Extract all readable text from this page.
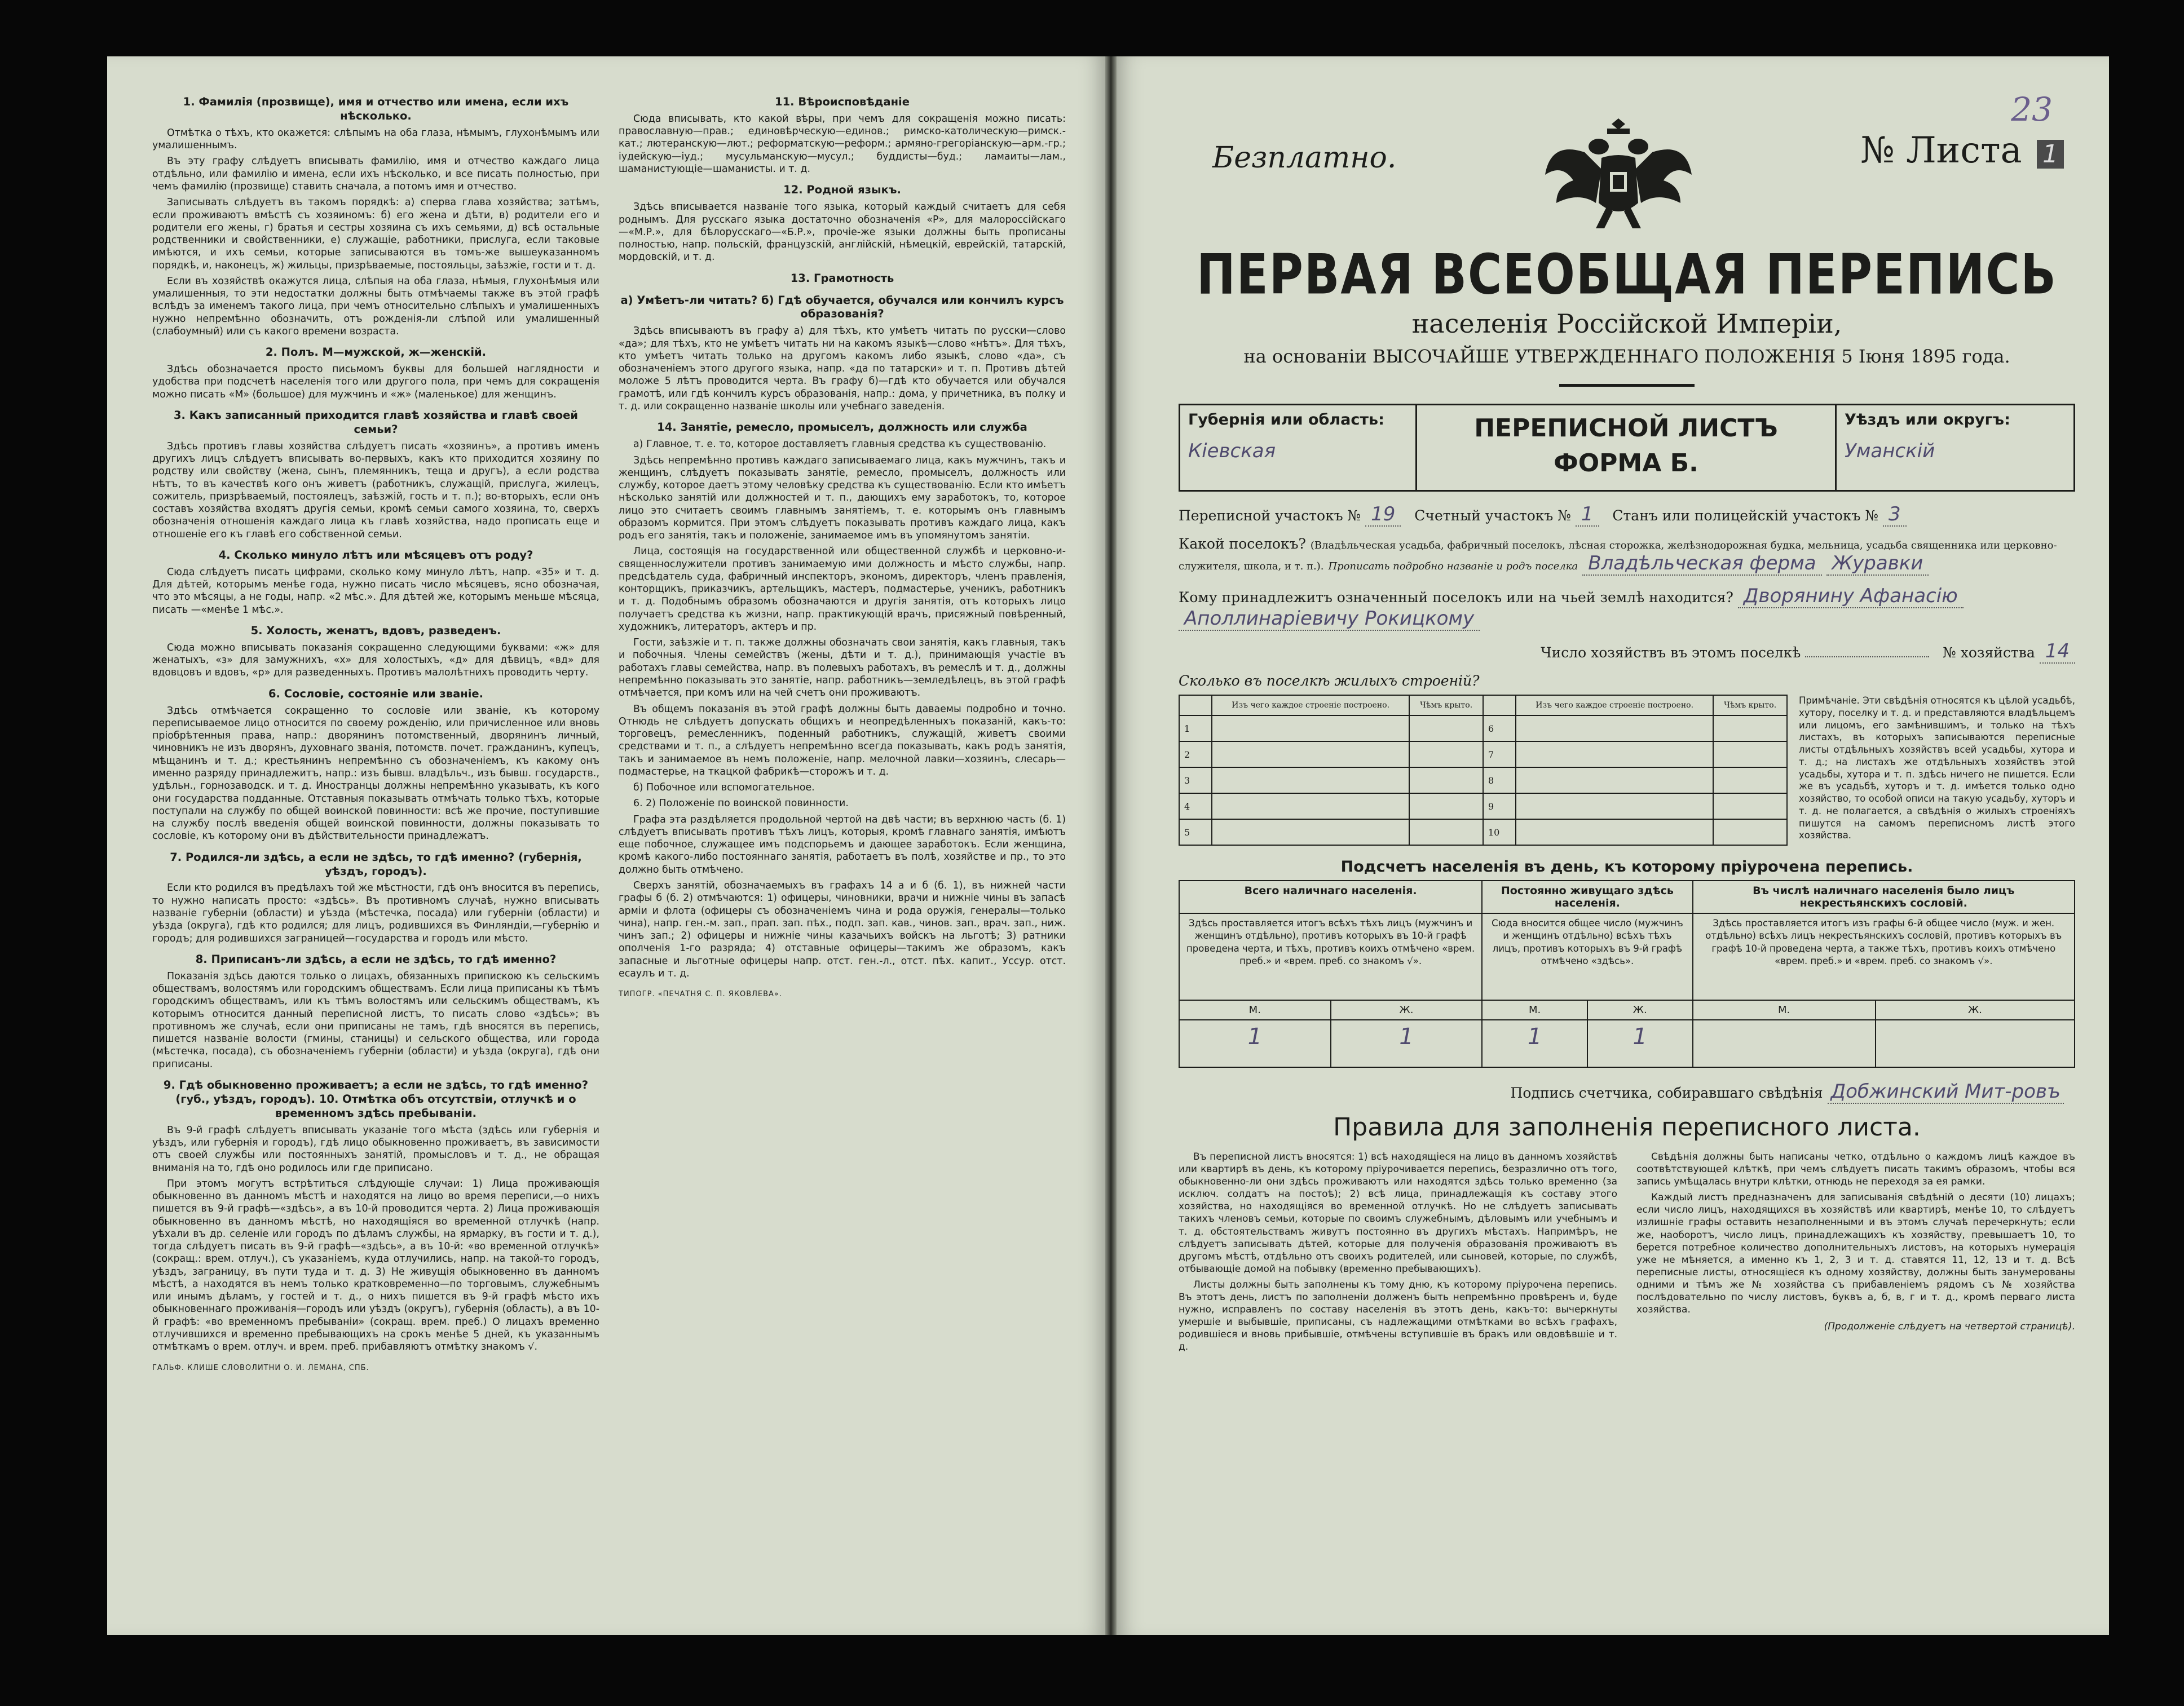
1. Фамилія (прозвище), имя и отчество или имена, если ихъ нѣсколько.

Отмѣтка о тѣхъ, кто окажется: слѣпымъ на оба глаза, нѣмымъ, глухонѣмымъ или умалишеннымъ.

Въ эту графу слѣдуетъ вписывать фамилію, имя и отчество каждаго лица отдѣльно, или фамилію и имена, если ихъ нѣсколько, и все писать полностью, при чемъ фамилію (прозвище) ставить сначала, а потомъ имя и отчество.

Записывать слѣдуетъ въ такомъ порядкѣ: а) сперва глава хозяйства; затѣмъ, если проживаютъ вмѣстѣ съ хозяиномъ: б) его жена и дѣти, в) родители его и родители его жены, г) братья и сестры хозяина съ ихъ семьями, д) всѣ остальные родственники и свойственники, е) служащіе, работники, прислуга, если таковые имѣются, и ихъ семьи, которые записываются въ томъ-же вышеуказанномъ порядкѣ, и, наконецъ, ж) жильцы, призрѣваемые, постояльцы, заѣзжіе, гости и т. д.

Если въ хозяйствѣ окажутся лица, слѣпыя на оба глаза, нѣмыя, глухонѣмыя или умалишенныя, то эти недостатки должны быть отмѣчаемы также въ этой графѣ вслѣдъ за именемъ такого лица, при чемъ относительно слѣпыхъ и умалишенныхъ нужно непремѣнно обозначить, отъ рожденія-ли слѣпой или умалишенный (слабоумный) или съ какого времени возраста.

2. Полъ. М—мужской, ж—женскій.

Здѣсь обозначается просто письмомъ буквы для большей наглядности и удобства при подсчетѣ населенія того или другого пола, при чемъ для сокращенія можно писать «М» (большое) для мужчинъ и «ж» (маленькое) для женщинъ.

3. Какъ записанный приходится главѣ хозяйства и главѣ своей семьи?

Здѣсь противъ главы хозяйства слѣдуетъ писать «хозяинъ», а противъ именъ другихъ лицъ слѣдуетъ вписывать во-первыхъ, какъ кто приходится хозяину по родству или свойству (жена, сынъ, племянникъ, теща и другъ), а если родства нѣтъ, то въ качествѣ кого онъ живетъ (работникъ, служащій, прислуга, жилецъ, сожитель, призрѣваемый, постоялецъ, заѣзжій, гость и т. п.); во-вторыхъ, если онъ составъ хозяйства входятъ другія семьи, кромѣ семьи самого хозяина, то, сверхъ обозначенія отношенія каждаго лица къ главѣ хозяйства, надо прописать еще и отношеніе его къ главѣ его собственной семьи.

4. Сколько минуло лѣтъ или мѣсяцевъ отъ роду?

Сюда слѣдуетъ писать цифрами, сколько кому минуло лѣтъ, напр. «35» и т. д. Для дѣтей, которымъ менѣе года, нужно писать число мѣсяцевъ, ясно обозначая, что это мѣсяцы, а не годы, напр. «2 мѣс.». Для дѣтей же, которымъ меньше мѣсяца, писать —«менѣе 1 мѣс.».

5. Холость, женатъ, вдовъ, разведенъ.

Сюда можно вписывать показанія сокращенно следующими буквами: «ж» для женатыхъ, «з» для замужнихъ, «х» для холостыхъ, «д» для дѣвицъ, «вд» для вдовцовъ и вдовъ, «р» для разведенныхъ. Противъ малолѣтнихъ проводить черту.

6. Сословіе, состояніе или званіе.

Здѣсь отмѣчается сокращенно то сословіе или званіе, къ которому переписываемое лицо относится по своему рожденію, или причисленное или вновь пріобрѣтенныя права, напр.: дворянинъ потомственный, дворянинъ личный, чиновникъ не изъ дворянъ, духовнаго званія, потомств. почет. гражданинъ, купецъ, мѣщанинъ и т. д.; крестьянинъ непремѣнно съ обозначеніемъ, къ какому онъ именно разряду принадлежитъ, напр.: изъ бывш. владѣльч., изъ бывш. государств., удѣльн., горнозаводск. и т. д. Иностранцы должны непремѣнно указывать, къ кого они государства подданные. Отставныя показывать отмѣчать только тѣхъ, которые поступали на службу по общей воинской повинности: всѣ же прочие, поступившие на службу послѣ введенія общей воинской повинности, должны показывать то сословіе, къ которому они въ дѣйствительности принадлежатъ.

7. Родился-ли здѣсь, а если не здѣсь, то гдѣ именно? (губернія, уѣздъ, городъ).

Если кто родился въ предѣлахъ той же мѣстности, гдѣ онъ вносится въ перепись, то нужно написать просто: «здѣсь». Въ противномъ случаѣ, нужно вписывать названіе губерніи (области) и уѣзда (мѣстечка, посада) или губерніи (области) и уѣзда (округа), гдѣ кто родился; для лицъ, родившихся въ Финляндіи,—губернію и городъ; для родившихся заграницей—государства и городъ или мѣсто.

8. Приписанъ-ли здѣсь, а если не здѣсь, то гдѣ именно?

Показанія здѣсь даются только о лицахъ, обязанныхъ припискою къ сельскимъ обществамъ, волостямъ или городскимъ обществамъ. Если лица приписаны къ тѣмъ городскимъ обществамъ, или къ тѣмъ волостямъ или сельскимъ обществамъ, къ которымъ относится данный переписной листъ, то писать слово «здѣсь»; въ противномъ же случаѣ, если они приписаны не тамъ, гдѣ вносятся въ перепись, пишется названіе волости (гмины, станицы) и сельского общества, или города (мѣстечка, посада), съ обозначеніемъ губерніи (области) и уѣзда (округа), гдѣ они приписаны.

9. Гдѣ обыкновенно проживаетъ; а если не здѣсь, то гдѣ именно? (губ., уѣздъ, городъ). 10. Отмѣтка объ отсутствіи, отлучкѣ и о временномъ здѣсь пребываніи.

Въ 9-й графѣ слѣдуетъ вписывать указаніе того мѣста (здѣсь или губернія и уѣздъ, или губернія и городъ), гдѣ лицо обыкновенно проживаетъ, въ зависимости отъ своей службы или постоянныхъ занятій, промысловъ и т. д., не обращая вниманія на то, гдѣ оно родилось или где приписано.

При этомъ могутъ встрѣтиться слѣдующіе случаи: 1) Лица проживающія обыкновенно въ данномъ мѣстѣ и находятся на лицо во время переписи,—о нихъ пишется въ 9-й графѣ—«здѣсь», а въ 10-й проводится черта. 2) Лица проживающія обыкновенно въ данномъ мѣстѣ, но находящіяся во временной отлучкѣ (напр. уѣхали въ др. селеніе или городъ по дѣламъ службы, на ярмарку, въ гости и т. д.), тогда слѣдуетъ писать въ 9-й графѣ—«здѣсь», а въ 10-й: «во временной отлучкѣ» (сокращ.: врем. отлуч.), съ указаніемъ, куда отлучились, напр. на такой-то городъ, уѣздъ, заграницу, въ пути туда и т. д. 3) Не живущія обыкновенно въ данномъ мѣстѣ, а находятся въ немъ только кратковременно—по торговымъ, служебнымъ или инымъ дѣламъ, у гостей и т. д., о нихъ пишется въ 9-й графѣ мѣсто ихъ обыкновеннаго проживанія—городъ или уѣздъ (округъ), губернія (область), а въ 10-й графѣ: «во временномъ пребываніи» (сокращ. врем. преб.) О лицахъ временно отлучившихся и временно пребывающихъ на срокъ менѣе 5 дней, къ указаннымъ отмѣткамъ о врем. отлуч. и врем. преб. прибавляютъ отмѣтку знакомъ √.

ГАЛЬФ. КЛИШЕ СЛОВОЛИТНИ О. И. ЛЕМАНА, СПБ.

11. Вѣроисповѣданіе

Сюда вписывать, кто какой вѣры, при чемъ для сокращенія можно писать: православную—прав.; единовѣрческую—единов.; римско-католическую—римск.-кат.; лютеранскую—лют.; реформатскую—реформ.; армяно-грегоріанскую—арм.-гр.; іудейскую—іуд.; мусульманскую—мусул.; буддисты—буд.; ламаиты—лам., шаманистующіе—шаманисты. и т. д.

12. Родной языкъ.

Здѣсь вписывается названіе того языка, который каждый считаетъ для себя роднымъ. Для русскаго языка достаточно обозначенія «Р», для малороссійскаго—«М.Р.», для бѣлорусскаго—«Б.Р.», прочіе-же языки должны быть прописаны полностью, напр. польскій, французскій, англійскій, нѣмецкій, еврейскій, татарскій, мордовскій, и т. д.

13. Грамотность
а) Умѣетъ-ли читать? б) Гдѣ обучается, обучался или кончилъ курсъ образованія?

Здѣсь вписываютъ въ графу а) для тѣхъ, кто умѣетъ читать по русски—слово «да»; для тѣхъ, кто не умѣетъ читать ни на какомъ языкѣ—слово «нѣтъ». Для тѣхъ, кто умѣетъ читать только на другомъ какомъ либо языкѣ, слово «да», съ обозначеніемъ этого другого языка, напр. «да по татарски» и т. п. Противъ дѣтей моложе 5 лѣтъ проводится черта. Въ графу б)—гдѣ кто обучается или обучался грамотѣ, или гдѣ кончилъ курсъ образованія, напр.: дома, у причетника, въ полку и т. д. или сокращенно названіе школы или учебнаго заведенія.

14. Занятіе, ремесло, промыселъ, должность или служба

а) Главное, т. е. то, которое доставляетъ главныя средства къ существованію.

Здѣсь непремѣнно противъ каждаго записываемаго лица, какъ мужчинъ, такъ и женщинъ, слѣдуетъ показывать занятіе, ремесло, промыселъ, должность или службу, которое даетъ этому человѣку средства къ существованію. Если кто имѣетъ нѣсколько занятій или должностей и т. п., дающихъ ему заработокъ, то, которое лицо это считаетъ своимъ главнымъ занятіемъ, т. е. которымъ онъ главнымъ образомъ кормится. При этомъ слѣдуетъ показывать противъ каждаго лица, какъ родъ его занятія, такъ и положеніе, занимаемое имъ въ упомянутомъ занятіи.

Лица, состоящія на государственной или общественной службѣ и церковно-и-священнослужители противъ занимаемую ими должность и мѣсто службы, напр. предсѣдатель суда, фабричный инспекторъ, экономъ, директоръ, членъ правленія, конторщикъ, приказчикъ, артельщикъ, мастеръ, подмастерье, ученикъ, работникъ и т. д. Подобнымъ образомъ обозначаются и другія занятія, отъ которыхъ лицо получаетъ средства къ жизни, напр. практикующій врачъ, присяжный повѣренный, художникъ, литераторъ, актеръ и пр.

Гости, заѣзжіе и т. п. также должны обозначать свои занятія, какъ главныя, такъ и побочныя. Члены семействъ (жены, дѣти и т. д.), принимающія участіе въ работахъ главы семейства, напр. въ полевыхъ работахъ, въ ремеслѣ и т. д., должны непремѣнно показывать это занятіе, напр. работникъ—земледѣлецъ, въ этой графѣ отмѣчается, при комъ или на чей счетъ они проживаютъ.

Въ общемъ показанія въ этой графѣ должны быть даваемы подробно и точно. Отнюдь не слѣдуетъ допускать общихъ и неопредѣленныхъ показаній, какъ-то: торговецъ, ремесленникъ, поденный работникъ, служащій, живетъ своими средствами и т. п., а слѣдуетъ непремѣнно всегда показывать, какъ родъ занятія, такъ и занимаемое въ немъ положеніе, напр. мелочной лавки—хозяинъ, слесарь—подмастерье, на ткацкой фабрикѣ—сторожъ и т. д.

б) Побочное или вспомогательное.

6. 2) Положеніе по воинской повинности.

Графа эта раздѣляется продольной чертой на двѣ части; въ верхнюю часть (б. 1) слѣдуетъ вписывать противъ тѣхъ лицъ, которыя, кромѣ главнаго занятія, имѣютъ еще побочное, служащее имъ подспорьемъ и дающее заработокъ. Если женщина, кромѣ какого-либо постояннаго занятія, работаетъ въ полѣ, хозяйстве и пр., то это должно быть отмѣчено.

Сверхъ занятій, обозначаемыхъ въ графахъ 14 а и б (б. 1), въ нижней части графы б (б. 2) отмѣчаются: 1) офицеры, чиновники, врачи и нижніе чины въ запасѣ арміи и флота (офицеры съ обозначеніемъ чина и рода оружія, генералы—только чина), напр. ген.-м. зап., прап. зап. пѣх., подп. зап. кав., чинов. зап., врач. зап., ниж. чинъ зап.; 2) офицеры и нижніе чины казачьихъ войскъ на льготѣ; 3) ратники ополченія 1-го разряда; 4) отставные офицеры—такимъ же образомъ, какъ запасные и льготные офицеры напр. отст. ген.-л., отст. пѣх. капит., Уссур. отст. есаулъ и т. д.

ТИПОГР. «ПЕЧАТНЯ С. П. ЯКОВЛЕВА».

23
Безплатно.	№ Листа 1
ПЕРВАЯ ВСЕОБЩАЯ ПЕРЕПИСЬ
населенія Россійской Имперіи,
на основаніи ВЫСОЧАЙШЕ УТВЕРЖДЕННАГО ПОЛОЖЕНІЯ 5 Іюня 1895 года.
Губернія или область:
Кіевская
ПЕРЕПИСНОЙ ЛИСТЪ
ФОРМА Б.
Уѣздъ или округъ:
Уманскій
Переписной участокъ № 19 Счетный участокъ № 1 Станъ или полицейскій участокъ № 3
Какой поселокъ? (Владѣльческая усадьба, фабричный поселокъ, лѣсная сторожка, желѣзнодорожная будка, мельница, усадьба священника или церковно-служителя, школа, и т. п.). Прописать подробно названіе и родъ поселка Владѣльческая ферма Журавки
Кому принадлежитъ означенный поселокъ или на чьей землѣ находится? Дворянину Афанасію Аполлинаріевичу Рокицкому
Число хозяйствъ въ этомъ поселкѣ	№ хозяйства 14
Сколько въ поселкѣ жилыхъ строеній?
	Изъ чего каждое строеніе построено.	Чѣмъ крыто.		Изъ чего каждое строеніе построено.	Чѣмъ крыто.
1			6		
2			7		
3			8		
4			9		
5			10		
Примѣчаніе. Эти свѣдѣнія относятся къ цѣлой усадьбѣ, хутору, поселку и т. д. и представляются владѣльцемъ или лицомъ, его замѣнившимъ, и только на тѣхъ листахъ, въ которыхъ записываются переписные листы отдѣльныхъ хозяйствъ всей усадьбы, хутора и т. д.; на листахъ же отдѣльныхъ хозяйствъ этой усадьбы, хутора и т. п. здѣсь ничего не пишется. Если же въ усадьбѣ, хуторъ и т. д. имѣется только одно хозяйство, то особой описи на такую усадьбу, хуторъ и т. д. не полагается, а свѣдѣнія о жилыхъ строеніяхъ пишутся на самомъ переписномъ листѣ этого хозяйства.
Подсчетъ населенія въ день, къ которому пріурочена перепись.
Всего наличнаго населенія.		Постоянно живущаго здѣсь населенія.		Въ числѣ наличнаго населенія было лицъ некрестьянскихъ сословій.	
Здѣсь проставляется итогъ всѣхъ тѣхъ лицъ (мужчинъ и женщинъ отдѣльно), противъ которыхъ въ 10-й графѣ проведена черта, и тѣхъ, противъ коихъ отмѣчено «врем. преб.» и «врем. преб. со знакомъ √».		Сюда вносится общее число (мужчинъ и женщинъ отдѣльно) всѣхъ тѣхъ лицъ, противъ которыхъ въ 9-й графѣ отмѣчено «здѣсь».		Здѣсь проставляется итогъ изъ графы 6-й общее число (муж. и жен. отдѣльно) всѣхъ лицъ некрестьянскихъ сословій, противъ которыхъ въ графѣ 10-й проведена черта, а также тѣхъ, противъ коихъ отмѣчено «врем. преб.» и «врем. преб. со знакомъ √».	
М.	Ж.	М.	Ж.	М.	Ж.
1	1	1	1		
Подпись счетчика, собиравшаго свѣдѣнія Добжинский Мит-ровъ
Правила для заполненія переписного листа.

Въ переписной листъ вносятся: 1) всѣ находящіеся на лицо въ данномъ хозяйствѣ или квартирѣ въ день, къ которому пріурочивается перепись, безразлично отъ того, обыкновенно-ли они здѣсь проживаютъ или находятся здѣсь только временно (за исключ. солдатъ на постоѣ); 2) всѣ лица, принадлежащія къ составу этого хозяйства, но находящіяся во временной отлучкѣ. Но не слѣдуетъ записывать такихъ членовъ семьи, которые по своимъ служебнымъ, дѣловымъ или учебнымъ и т. д. обстоятельствамъ живутъ постоянно въ другихъ мѣстахъ. Напримѣръ, не слѣдуетъ записывать дѣтей, которые для полученія образованія проживаютъ въ другомъ мѣстѣ, отдѣльно отъ своихъ родителей, или сыновей, которые, по службѣ, отбывающіе домой на побывку (временно пребывающихъ).

Листы должны быть заполнены къ тому дню, къ которому пріурочена перепись. Въ этотъ день, листъ по заполненіи долженъ быть непремѣнно провѣренъ и, буде нужно, исправленъ по составу населенія въ этотъ день, какъ-то: вычеркнуты умершіе и выбывшіе, приписаны, съ надлежащими отмѣтками во всѣхъ графахъ, родившіеся и вновь прибывшіе, отмѣчены вступившіе въ бракъ или овдовѣвшіе и т. д.

Свѣдѣнія должны быть написаны четко, отдѣльно о каждомъ лицѣ каждое въ соотвѣтствующей клѣткѣ, при чемъ слѣдуетъ писать такимъ образомъ, чтобы вся запись умѣщалась внутри клѣтки, отнюдь не переходя за ея рамки.

Каждый листъ предназначенъ для записыванія свѣдѣній о десяти (10) лицахъ; если число лицъ, находящихся въ хозяйствѣ или квартирѣ, менѣе 10, то слѣдуетъ излишніе графы оставить незаполненными и въ этомъ случаѣ перечеркнуть; если же, наоборотъ, число лицъ, принадлежащихъ къ хозяйству, превышаетъ 10, то берется потребное количество дополнительныхъ листовъ, на которыхъ нумерація уже не мѣняется, а именно къ 1, 2, 3 и т. д. ставятся 11, 12, 13 и т. д. Всѣ переписные листы, относящіеся къ одному хозяйству, должны быть занумерованы одними и тѣмъ же № хозяйства съ прибавленіемъ рядомъ съ № хозяйства послѣдовательно по числу листовъ, буквъ а, б, в, г и т. д., кромѣ перваго листа хозяйства.

(Продолженіе слѣдуетъ на четвертой страницѣ).
